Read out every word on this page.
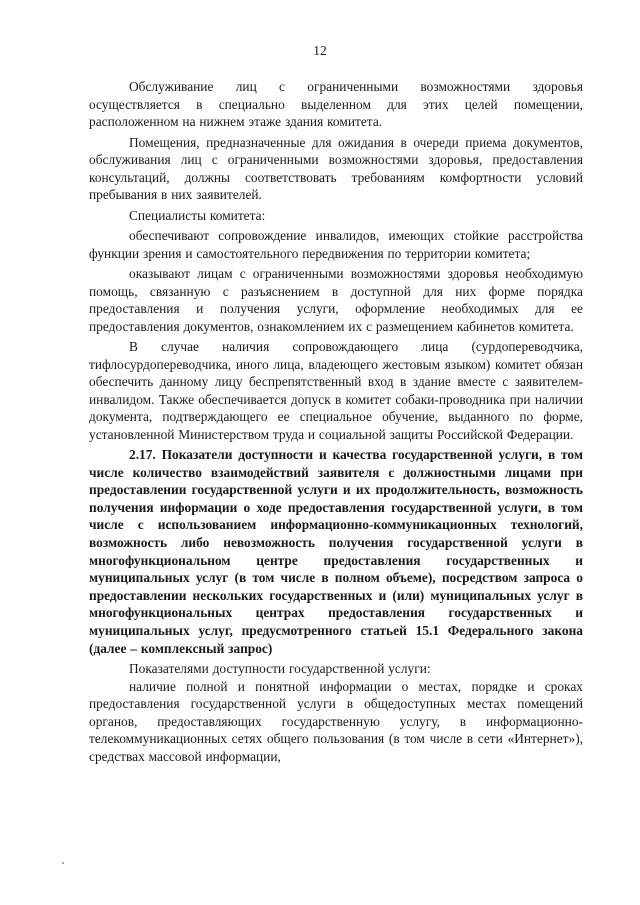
12

Обслуживание лиц с ограниченными возможностями здоровья осуществляется в специально выделенном для этих целей помещении, расположенном на нижнем этаже здания комитета.

Помещения, предназначенные для ожидания в очереди приема документов, обслуживания лиц с ограниченными возможностями здоровья, предоставления консультаций, должны соответствовать требованиям комфортности условий пребывания в них заявителей.

Специалисты комитета:

обеспечивают сопровождение инвалидов, имеющих стойкие расстройства функции зрения и самостоятельного передвижения по территории комитета;

оказывают лицам с ограниченными возможностями здоровья необходимую помощь, связанную с разъяснением в доступной для них форме порядка предоставления и получения услуги, оформление необходимых для ее предоставления документов, ознакомлением их с размещением кабинетов комитета.

В случае наличия сопровождающего лица (сурдопереводчика, тифлосурдопереводчика, иного лица, владеющего жестовым языком) комитет обязан обеспечить данному лицу беспрепятственный вход в здание вместе с заявителем-инвалидом. Также обеспечивается допуск в комитет собаки-проводника при наличии документа, подтверждающего ее специальное обучение, выданного по форме, установленной Министерством труда и социальной защиты Российской Федерации.

2.17. Показатели доступности и качества государственной услуги, в том числе количество взаимодействий заявителя с должностными лицами при предоставлении государственной услуги и их продолжительность, возможность получения информации о ходе предоставления государственной услуги, в том числе с использованием информационно-коммуникационных технологий, возможность либо невозможность получения государственной услуги в многофункциональном центре предоставления государственных и муниципальных услуг (в том числе в полном объеме), посредством запроса о предоставлении нескольких государственных и (или) муниципальных услуг в многофункциональных центрах предоставления государственных и муниципальных услуг, предусмотренного статьей 15.1 Федерального закона (далее – комплексный запрос)

Показателями доступности государственной услуги:

наличие полной и понятной информации о местах, порядке и сроках предоставления государственной услуги в общедоступных местах помещений органов, предоставляющих государственную услугу, в информационно-телекоммуникационных сетях общего пользования (в том числе в сети «Интернет»), средствах массовой информации,
